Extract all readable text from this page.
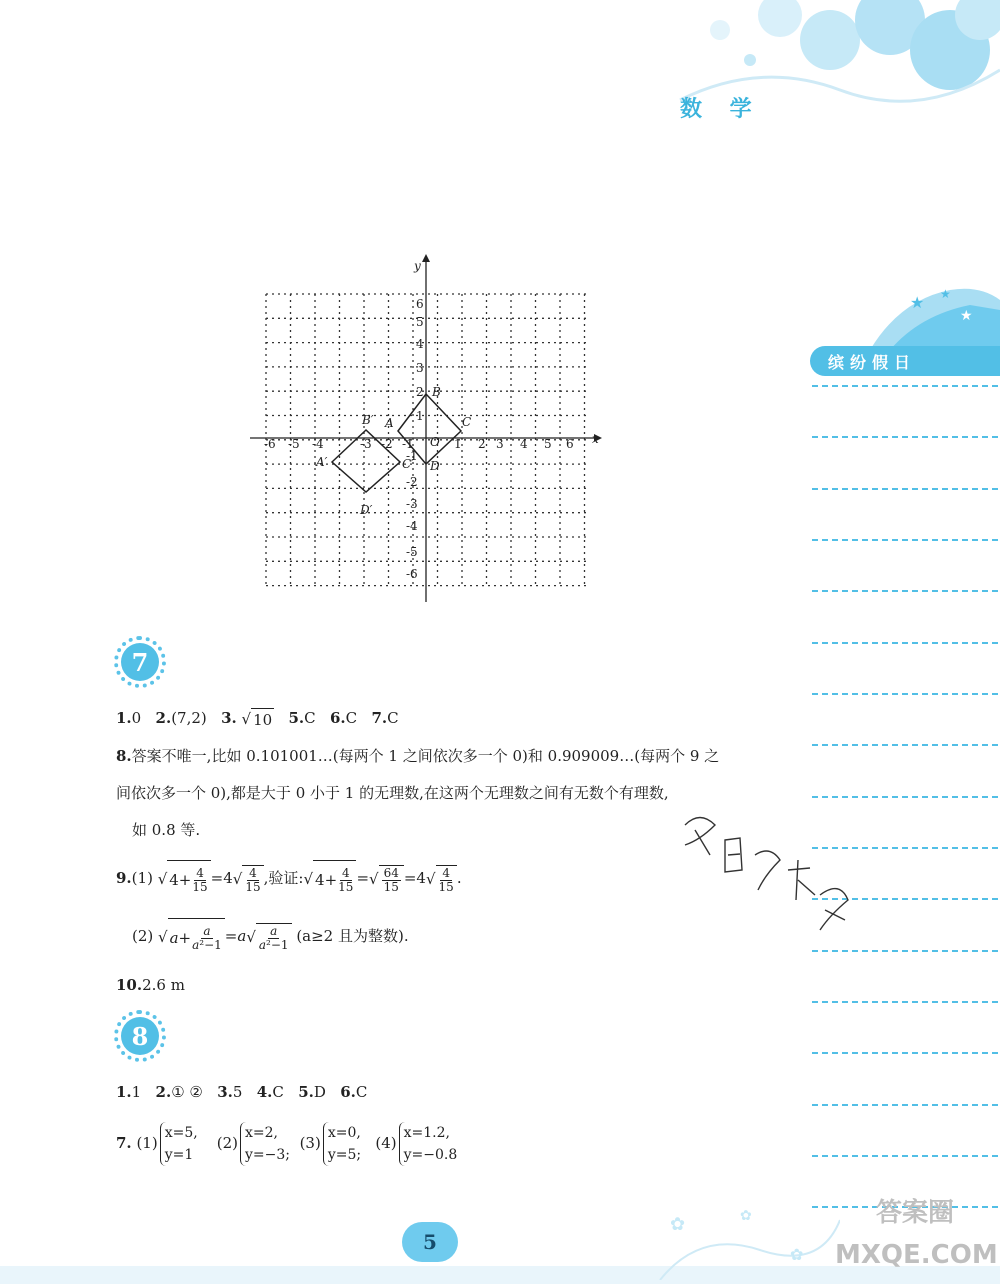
数 学
★ ★
★
缤纷假日
x
y
-6 -5 -4	-3 -2 -1	1 2 3 4 5 6
1
2
3
4
5
6
-1
-2
-3
-4
-5
-6
B
A	C
D
O
B′
A′	C′
D′
7
1.0 2.(7,2) 3. √ 10 5.C 6.C 7.C
8.答案不唯一,比如 0.101001…(每两个 1 之间依次多一个 0)和 0.909009…(每两个 9 之
间依次多一个 0),都是大于 0 小于 1 的无理数,在这两个无理数之间有无数个有理数,
如 0.8 等.
9.(1) √ $4+ \frac{4}{15} =4√ \frac{4}{15}$ ,验证:√ $4+ \frac{4}{15}$ =√ $\frac{64}{15} =4√ \frac{4}{15}$ .
(2) √ $a + \frac{a}{\text{a²−1}} =a√ \frac{a}{\text{a²−1}} (a\ge 2$ 且为整数).
10.2.6 m
8
1.1 2.① ② 3.5 4.C 5.D 6.C
7. (1)
x=5,
y=1
(2)
x=2,
y=−3;
(3)
x=0,
y=5;
(4)
x=1.2,
y=−0.8
✿	✿
✿
5
答案圈 MXQE.COM
